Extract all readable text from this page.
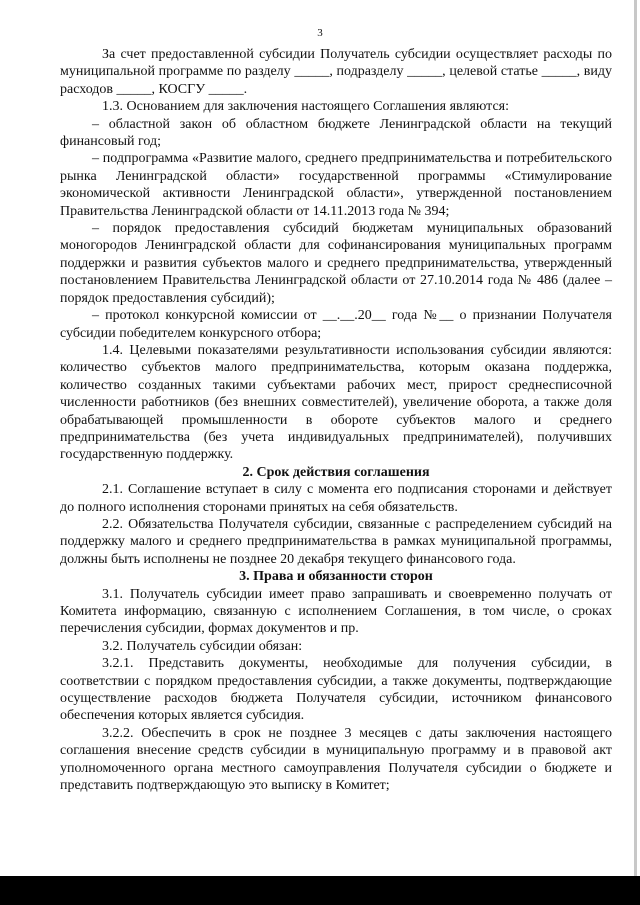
3

За счет предоставленной субсидии Получатель субсидии осуществляет расходы по муниципальной программе по разделу _____, подразделу _____, целевой статье _____, виду расходов _____, КОСГУ _____.

1.3. Основанием для заключения настоящего Соглашения являются:

– областной закон об областном бюджете Ленинградской области на текущий финансовый год;

– подпрограмма «Развитие малого, среднего предпринимательства и потребительского рынка Ленинградской области» государственной программы «Стимулирование экономической активности Ленинградской области», утвержденной постановлением Правительства Ленинградской области от 14.11.2013 года № 394;

– порядок предоставления субсидий бюджетам муниципальных образований моногородов Ленинградской области для софинансирования муниципальных программ поддержки и развития субъектов малого и среднего предпринимательства, утвержденный постановлением Правительства Ленинградской области от 27.10.2014 года № 486 (далее – порядок предоставления субсидий);

– протокол конкурсной комиссии от __.__.20__ года №__ о признании Получателя субсидии победителем конкурсного отбора;

1.4. Целевыми показателями результативности использования субсидии являются: количество субъектов малого предпринимательства, которым оказана поддержка, количество созданных такими субъектами рабочих мест, прирост среднесписочной численности работников (без внешних совместителей), увеличение оборота, а также доля обрабатывающей промышленности в обороте субъектов малого и среднего предпринимательства (без учета индивидуальных предпринимателей), получивших государственную поддержку.

2. Срок действия соглашения

2.1. Соглашение вступает в силу с момента его подписания сторонами и действует до полного исполнения сторонами принятых на себя обязательств.

2.2. Обязательства Получателя субсидии, связанные с распределением субсидий на поддержку малого и среднего предпринимательства в рамках муниципальной программы, должны быть исполнены не позднее 20 декабря текущего финансового года.

3. Права и обязанности сторон

3.1. Получатель субсидии имеет право запрашивать и своевременно получать от Комитета информацию, связанную с исполнением Соглашения, в том числе, о сроках перечисления субсидии, формах документов и пр.

3.2. Получатель субсидии обязан:

3.2.1. Представить документы, необходимые для получения субсидии, в соответствии с порядком предоставления субсидии, а также документы, подтверждающие осуществление расходов бюджета Получателя субсидии, источником финансового обеспечения которых является субсидия.

3.2.2. Обеспечить в срок не позднее 3 месяцев с даты заключения настоящего соглашения внесение средств субсидии в муниципальную программу и в правовой акт уполномоченного органа местного самоуправления Получателя субсидии о бюджете и представить подтверждающую это выписку в Комитет;
